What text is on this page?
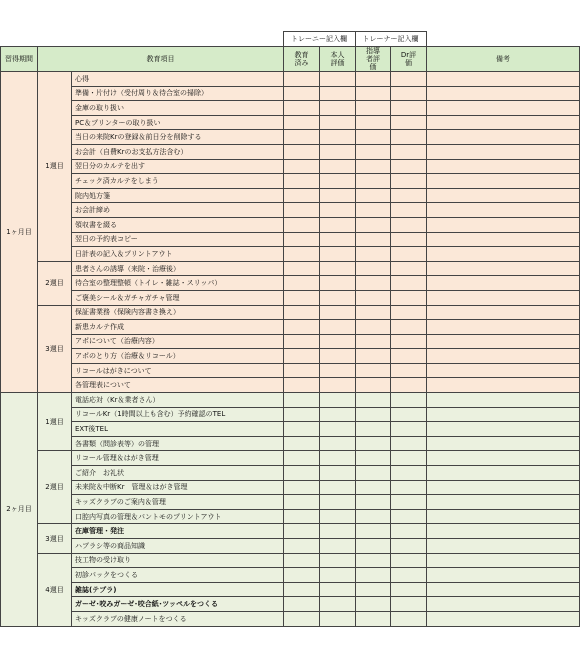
	トレーニー記入欄	トレーナー記入欄	
習得期間	教育項目		教育済み	本人評価	指導者評価	Dr評価	備考
1ヶ月目	1週目	心得					
		準備・片付け（受付周り＆待合室の掃除）					
		金庫の取り扱い					
		PC＆プリンターの取り扱い					
		当日の来院Krの登録＆前日分を削除する					
		お会計（自費Krのお支払方法含む）					
		翌日分のカルテを出す					
		チェック済カルテをしまう					
		院内処方箋					
		お会計締め					
		領収書を綴る					
		翌日の予約表コピー					
		日計表の記入＆プリントアウト					
	2週目	患者さんの誘導（来院・治療後）					
		待合室の整理整頓（トイレ・雑誌・スリッパ）					
		ご褒美シール＆ガチャガチャ管理					
	3週目	保証書業務（保険内容書き換え）					
		新患カルテ作成					
		アポについて（治療内容）					
		アポのとり方（治療＆リコール）					
		リコールはがきについて					
		各管理表について					
2ヶ月目	1週目	電話応対（Kr＆業者さん）					
		リコールKr（1時間以上も含む）予約確認のTEL					
		EXT後TEL					
		各書類（問診表等）の管理					
	2週目	リコール管理＆はがき管理					
		ご紹介　お礼状					
		未来院＆中断Kr　管理＆はがき管理					
		キッズクラブのご案内＆管理					
		口腔内写真の管理＆パントモのプリントアウト					
	3週目	在庫管理・発注					
		ハブラシ等の商品知識					
	4週目	技工物の受け取り					
		初診パックをつくる					
		雑誌(テプラ)					
		ガーゼ･咬みガーゼ･咬合紙･ツッペルをつくる					
		キッズクラブの健康ノートをつくる					
